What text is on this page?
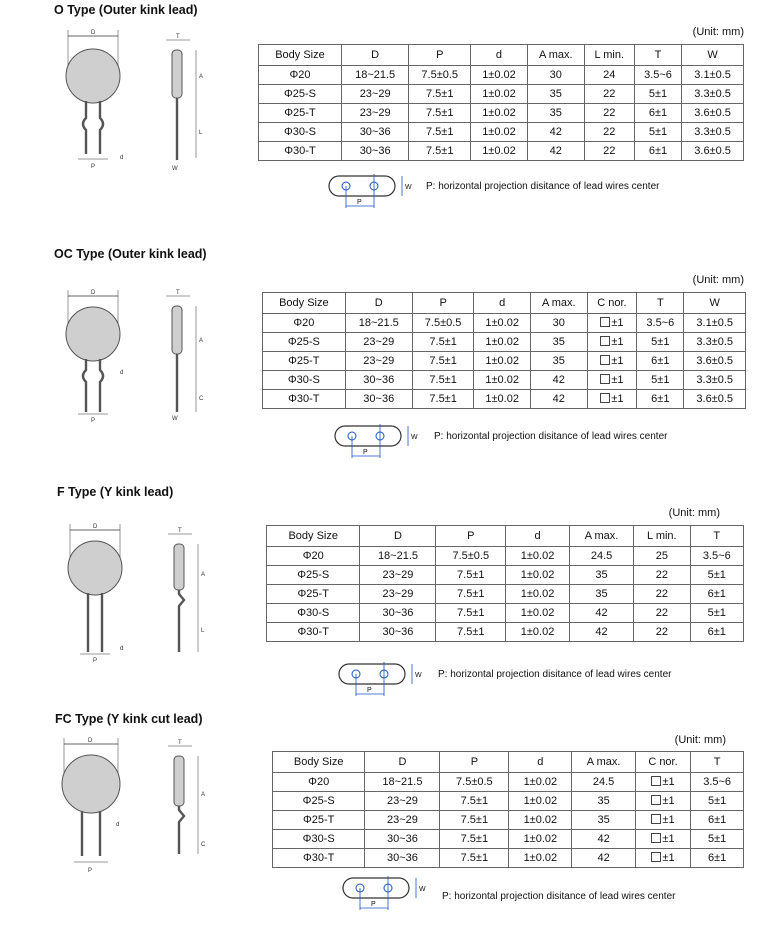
O Type (Outer kink lead)
(Unit: mm)
D
P
d
T
A
L
W
Body Size	D	P	d	A max.	L min.	T	W
Φ20	18~21.5	7.5±0.5	1±0.02	30	24	3.5~6	3.1±0.5
Φ25-S	23~29	7.5±1	1±0.02	35	22	5±1	3.3±0.5
Φ25-T	23~29	7.5±1	1±0.02	35	22	6±1	3.6±0.5
Φ30-S	30~36	7.5±1	1±0.02	42	22	5±1	3.3±0.5
Φ30-T	30~36	7.5±1	1±0.02	42	22	6±1	3.6±0.5
P
W P: horizontal projection disitance of lead wires center
OC Type (Outer kink lead)
(Unit: mm)
D
P
d
T
A
C
W
Body Size	D	P	d	A max.	C nor.	T	W
Φ20	18~21.5	7.5±0.5	1±0.02	30	±1	3.5~6	3.1±0.5
Φ25-S	23~29	7.5±1	1±0.02	35	±1	5±1	3.3±0.5
Φ25-T	23~29	7.5±1	1±0.02	35	±1	6±1	3.6±0.5
Φ30-S	30~36	7.5±1	1±0.02	42	±1	5±1	3.3±0.5
Φ30-T	30~36	7.5±1	1±0.02	42	±1	6±1	3.6±0.5
P
W P: horizontal projection disitance of lead wires center
F Type (Y kink lead)
(Unit: mm)
D
P
d
T
A
L
Body Size	D	P	d	A max.	L min.	T
Φ20	18~21.5	7.5±0.5	1±0.02	24.5	25	3.5~6
Φ25-S	23~29	7.5±1	1±0.02	35	22	5±1
Φ25-T	23~29	7.5±1	1±0.02	35	22	6±1
Φ30-S	30~36	7.5±1	1±0.02	42	22	5±1
Φ30-T	30~36	7.5±1	1±0.02	42	22	6±1
P
W P: horizontal projection disitance of lead wires center
FC Type (Y kink cut lead)
(Unit: mm)
D
P
d
T
A
C
Body Size	D	P	d	A max.	C nor.	T
Φ20	18~21.5	7.5±0.5	1±0.02	24.5	±1	3.5~6
Φ25-S	23~29	7.5±1	1±0.02	35	±1	5±1
Φ25-T	23~29	7.5±1	1±0.02	35	±1	6±1
Φ30-S	30~36	7.5±1	1±0.02	42	±1	5±1
Φ30-T	30~36	7.5±1	1±0.02	42	±1	6±1
P
W
P: horizontal projection disitance of lead wires center
